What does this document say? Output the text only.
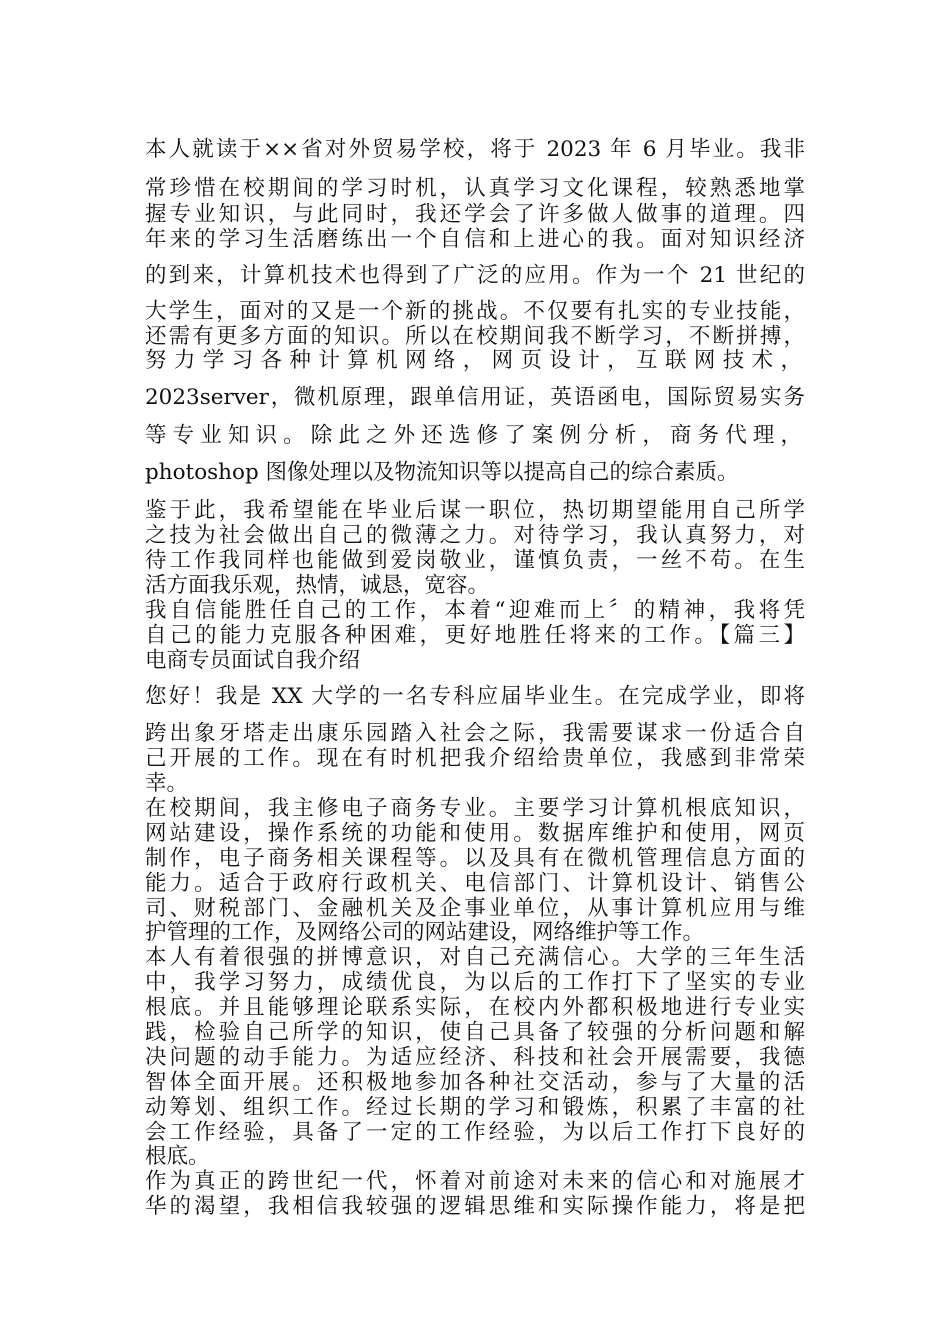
本人就读于××省对外贸易学校，将于 2023 年 6 月毕业。我非
常珍惜在校期间的学习时机，认真学习文化课程，较熟悉地掌
握专业知识，与此同时，我还学会了许多做人做事的道理。四
年来的学习生活磨练出一个自信和上进心的我。面对知识经济
的到来，计算机技术也得到了广泛的应用。作为一个 21 世纪的
大学生，面对的又是一个新的挑战。不仅要有扎实的专业技能，
还需有更多方面的知识。所以在校期间我不断学习，不断拼搏，
努力学习各种计算机网络，网页设计，互联网技术，
2023server，微机原理，跟单信用证，英语函电，国际贸易实务
等专业知识。除此之外还选修了案例分析，商务代理，
photoshop 图像处理以及物流知识等以提高自己的综合素质。
鉴于此，我希望能在毕业后谋一职位，热切期望能用自己所学
之技为社会做出自己的微薄之力。对待学习，我认真努力，对
待工作我同样也能做到爱岗敬业，谨慎负责，一丝不苟。在生
活方面我乐观，热情，诚恳，宽容。
我自信能胜任自己的工作，本着“迎难而上〞的精神，我将凭
自己的能力克服各种困难，更好地胜任将来的工作。【篇三】
电商专员面试自我介绍
您好！我是 XX 大学的一名专科应届毕业生。在完成学业，即将
跨出象牙塔走出康乐园踏入社会之际，我需要谋求一份适合自
己开展的工作。现在有时机把我介绍给贵单位，我感到非常荣
幸。
在校期间，我主修电子商务专业。主要学习计算机根底知识，
网站建设，操作系统的功能和使用。数据库维护和使用，网页
制作，电子商务相关课程等。以及具有在微机管理信息方面的
能力。适合于政府行政机关、电信部门、计算机设计、销售公
司、财税部门、金融机关及企事业单位，从事计算机应用与维
护管理的工作，及网络公司的网站建设，网络维护等工作。
本人有着很强的拼博意识，对自己充满信心。大学的三年生活
中，我学习努力，成绩优良，为以后的工作打下了坚实的专业
根底。并且能够理论联系实际，在校内外都积极地进行专业实
践，检验自己所学的知识，使自己具备了较强的分析问题和解
决问题的动手能力。为适应经济、科技和社会开展需要，我德
智体全面开展。还积极地参加各种社交活动，参与了大量的活
动筹划、组织工作。经过长期的学习和锻炼，积累了丰富的社
会工作经验，具备了一定的工作经验，为以后工作打下良好的
根底。
作为真正的跨世纪一代，怀着对前途对未来的信心和对施展才
华的渴望，我相信我较强的逻辑思维和实际操作能力，将是把
